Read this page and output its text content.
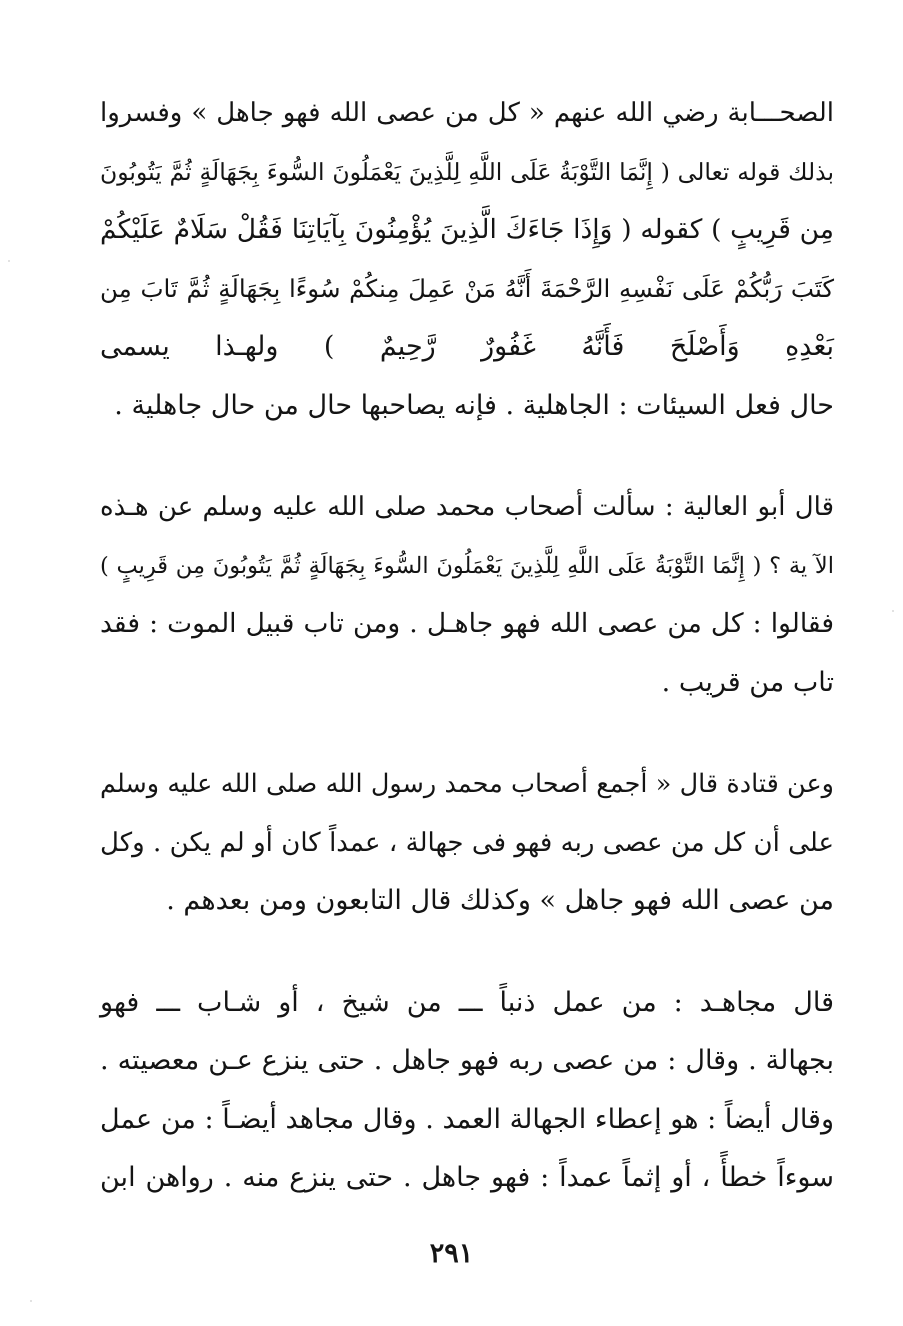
الصحـــابة رضي الله عنهم « كل من عصى الله فهو جاهل » وفسروا
بذلك قوله تعالى ( إِنَّمَا التَّوْبَةُ عَلَى اللَّهِ لِلَّذِينَ يَعْمَلُونَ السُّوءَ بِجَهَالَةٍ ثُمَّ يَتُوبُونَ
مِن قَرِيبٍ ) كقوله ( وَإِذَا جَاءَكَ الَّذِينَ يُؤْمِنُونَ بِآيَاتِنَا فَقُلْ سَلَامٌ عَلَيْكُمْ
كَتَبَ رَبُّكُمْ عَلَى نَفْسِهِ الرَّحْمَةَ أَنَّهُ مَنْ عَمِلَ مِنكُمْ سُوءًا بِجَهَالَةٍ ثُمَّ تَابَ مِن
بَعْدِهِ وَأَصْلَحَ فَأَنَّهُ غَفُورٌ رَّحِيمٌ ) ولهـذا يسمى
حال فعل السيئات : الجاهلية . فإنه يصاحبها حال من حال جاهلية .

قال أبو العالية : سألت أصحاب محمد صلى الله عليه وسلم عن هـذه
الآ ية ؟ ( إِنَّمَا التَّوْبَةُ عَلَى اللَّهِ لِلَّذِينَ يَعْمَلُونَ السُّوءَ بِجَهَالَةٍ ثُمَّ يَتُوبُونَ مِن قَرِيبٍ )
فقالوا : كل من عصى الله فهو جاهـل . ومن تاب قبيل الموت : فقد
تاب من قريب .

وعن قتادة قال « أجمع أصحاب محمد رسول الله صلى الله عليه وسلم
على أن كل من عصى ربه فهو فى جهالة ، عمداً كان أو لم يكن . وكل
من عصى الله فهو جاهل » وكذلك قال التابعون ومن بعدهم .

قال مجاهـد : من عمل ذنباً ـــ من شيخ ، أو شـاب ـــ فهو
بجهالة . وقال : من عصى ربه فهو جاهل . حتى ينزع عـن معصيته .
وقال أيضاً : هو إعطاء الجهالة العمد . وقال مجاهد أيضـاً : من عمل
سوءاً خطأً ، أو إثماً عمداً : فهو جاهل . حتى ينزع منه . رواهن ابن

٢٩١
